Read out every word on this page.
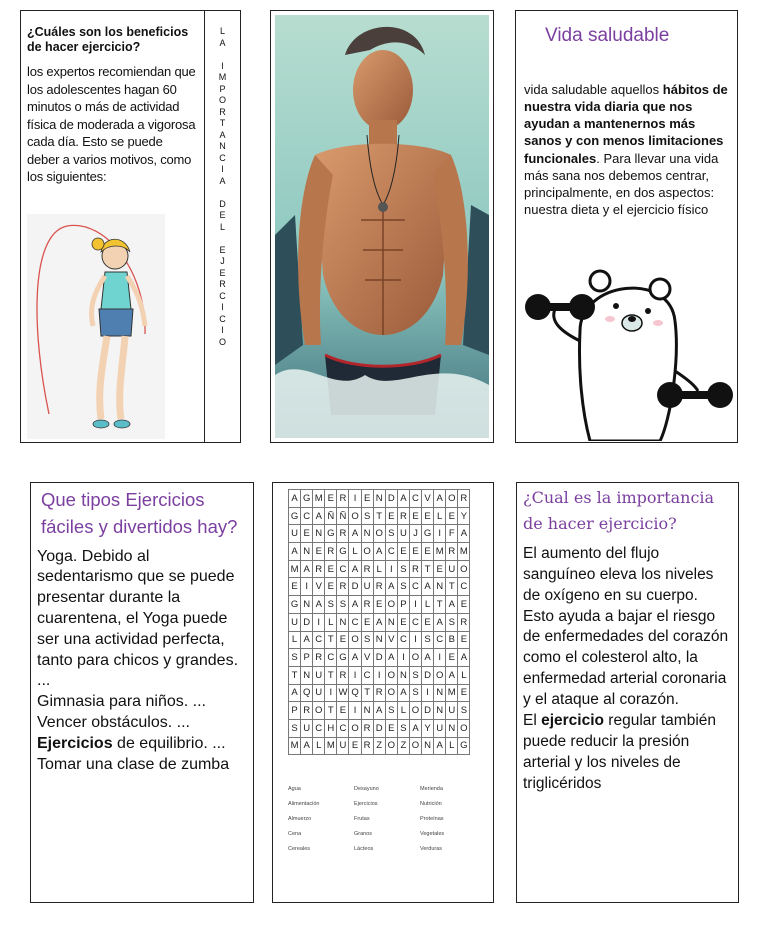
¿Cuáles son los beneficios de hacer ejercicio?
los expertos recomiendan que los adolescentes hagan 60 minutos o más de actividad física de moderada a vigorosa cada día. Esto se puede deber a varios motivos, como los siguientes:
L
A

I
M
P
O
R
T
A
N
C
I
A

D
E
L

E
J
E
R
C
I
C
I
O
Vida saludable
vida saludable aquellos hábitos de nuestra vida diaria que nos ayudan a mantenernos más sanos y con menos limitaciones funcionales. Para llevar una vida más sana nos debemos centrar, principalmente, en dos aspectos: nuestra dieta y el ejercicio físico
Que tipos Ejercicios fáciles y divertidos hay?

Yoga. Debido al sedentarismo que se puede presentar durante la cuarentena, el Yoga puede ser una actividad perfecta, tanto para chicos y grandes. ...

Gimnasia para niños. ...

Vencer obstáculos. ...

Ejercicios de equilibrio. ...

Tomar una clase de zumba

A	G	M	E	R	I	E	N	D	A	C	V	A	O	R
G	C	A	Ñ	Ñ	O	S	T	E	R	E	E	L	E	Y
U	E	N	G	R	A	N	O	S	U	J	G	I	F	A
A	N	E	R	G	L	O	A	C	E	E	E	M	R	M
M	A	R	E	C	A	R	L	I	S	R	T	E	U	O
E	I	V	E	R	D	U	R	A	S	C	A	N	T	C
G	N	A	S	S	A	R	E	O	P	I	L	T	A	E
U	D	I	L	N	C	E	A	N	E	C	E	A	S	R
L	A	C	T	E	O	S	N	V	C	I	S	C	B	E
S	P	R	C	G	A	V	D	A	I	O	A	I	E	A
T	N	U	T	R	I	C	I	O	N	S	D	O	A	L
A	Q	U	I	W	Q	T	R	O	A	S	I	N	M	E
P	R	O	T	E	I	N	A	S	L	O	D	N	U	S
S	U	C	H	C	O	R	D	E	S	A	Y	U	N	O
M	A	L	M	U	E	R	Z	O	Z	O	N	A	L	G
Agua	Desayuno	Merienda
Alimentación	Ejercicios	Nutrición
Almuerzo	Frutas	Proteínas
Cena	Granos	Vegetales
Cereales	Lácteos	Verduras
¿Cual es la importancia de hacer ejercicio?

El aumento del flujo sanguíneo eleva los niveles de oxígeno en su cuerpo. Esto ayuda a bajar el riesgo de enfermedades del corazón como el colesterol alto, la enfermedad arterial coronaria y el ataque al corazón.

El ejercicio regular también puede reducir la presión arterial y los niveles de triglicéridos
